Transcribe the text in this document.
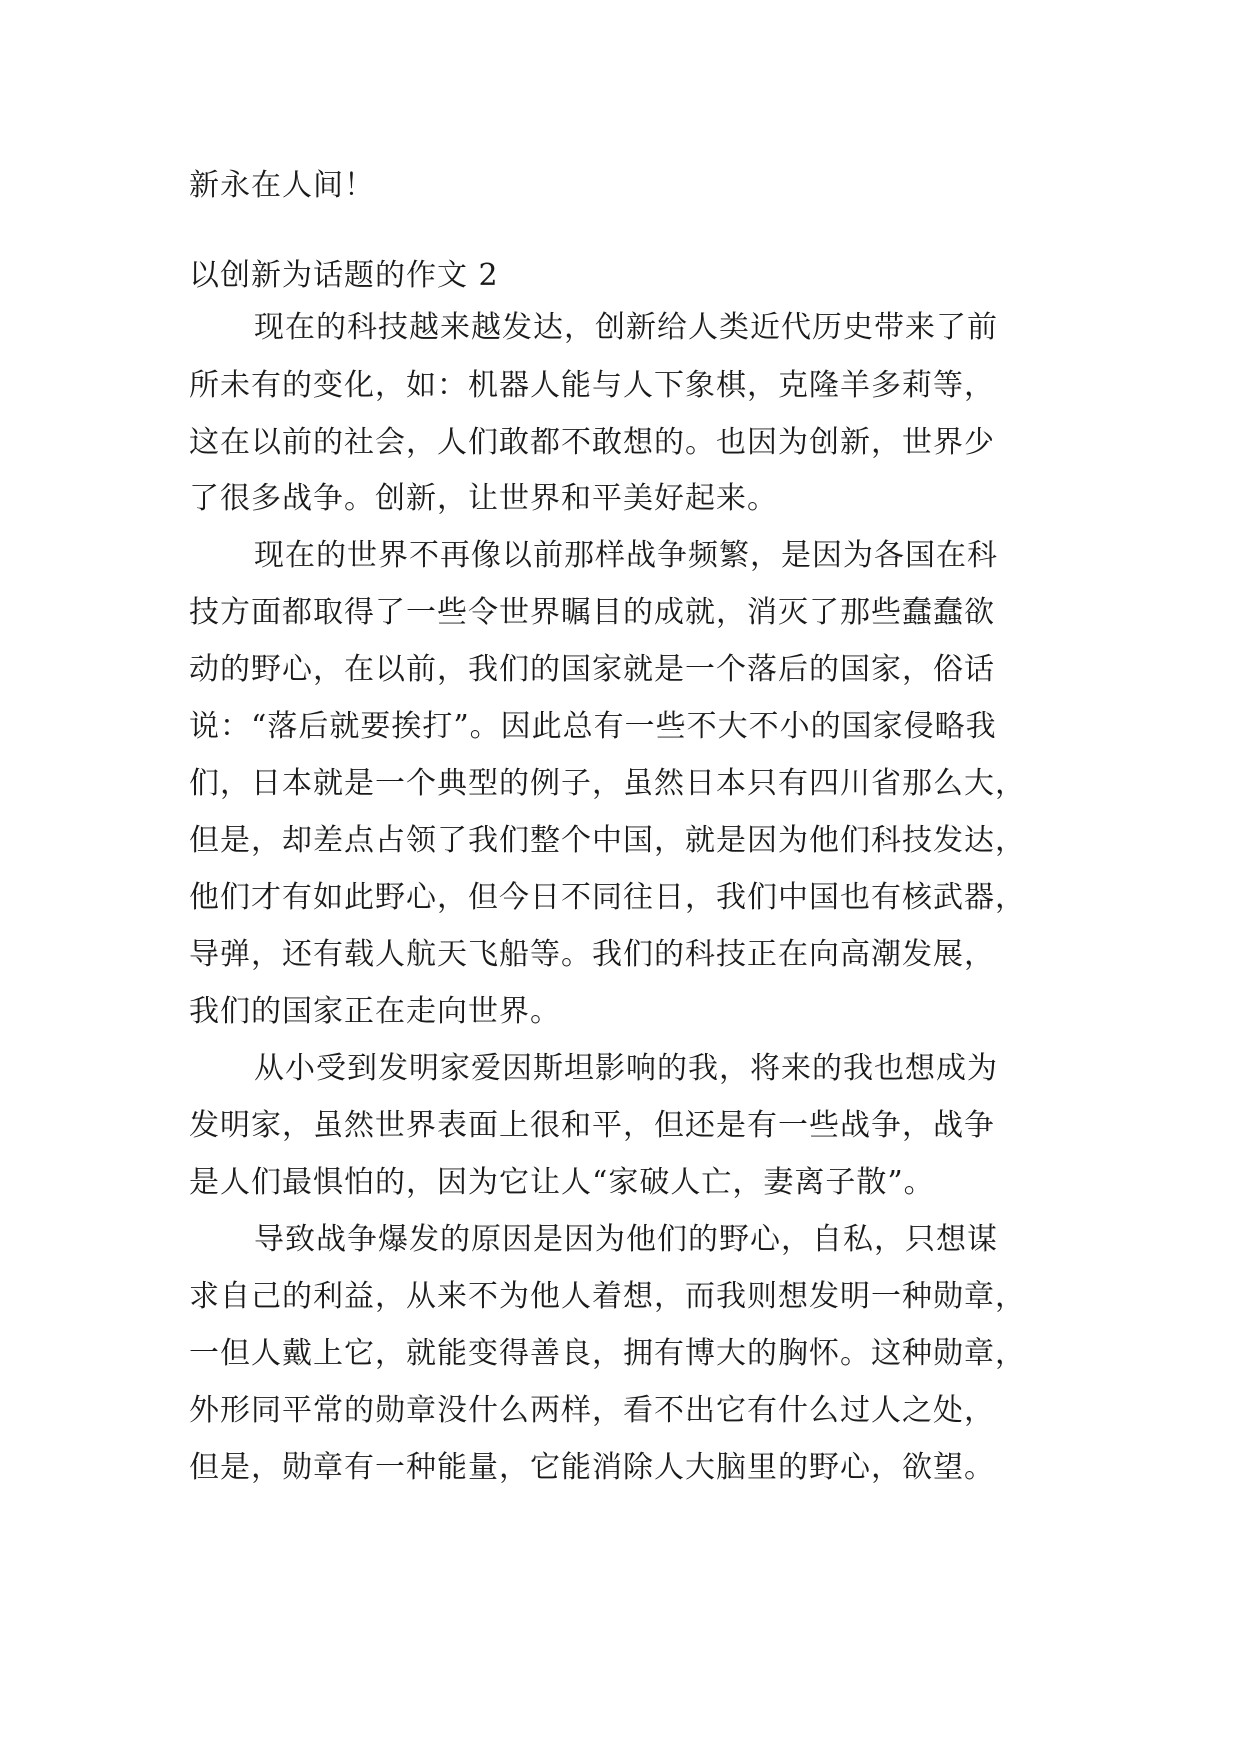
新永在人间！
以创新为话题的作文 2
现在的科技越来越发达，创新给人类近代历史带来了前
所未有的变化，如：机器人能与人下象棋，克隆羊多莉等，
这在以前的社会，人们敢都不敢想的。也因为创新，世界少
了很多战争。创新，让世界和平美好起来。
现在的世界不再像以前那样战争频繁，是因为各国在科
技方面都取得了一些令世界瞩目的成就，消灭了那些蠢蠢欲
动的野心，在以前，我们的国家就是一个落后的国家，俗话
说：“落后就要挨打”。因此总有一些不大不小的国家侵略我
们，日本就是一个典型的例子，虽然日本只有四川省那么大，
但是，却差点占领了我们整个中国，就是因为他们科技发达，
他们才有如此野心，但今日不同往日，我们中国也有核武器，
导弹，还有载人航天飞船等。我们的科技正在向高潮发展，
我们的国家正在走向世界。
从小受到发明家爱因斯坦影响的我，将来的我也想成为
发明家，虽然世界表面上很和平，但还是有一些战争，战争
是人们最惧怕的，因为它让人“家破人亡，妻离子散”。
导致战争爆发的原因是因为他们的野心，自私，只想谋
求自己的利益，从来不为他人着想，而我则想发明一种勋章，
一但人戴上它，就能变得善良，拥有博大的胸怀。这种勋章，
外形同平常的勋章没什么两样，看不出它有什么过人之处，
但是，勋章有一种能量，它能消除人大脑里的野心，欲望。
